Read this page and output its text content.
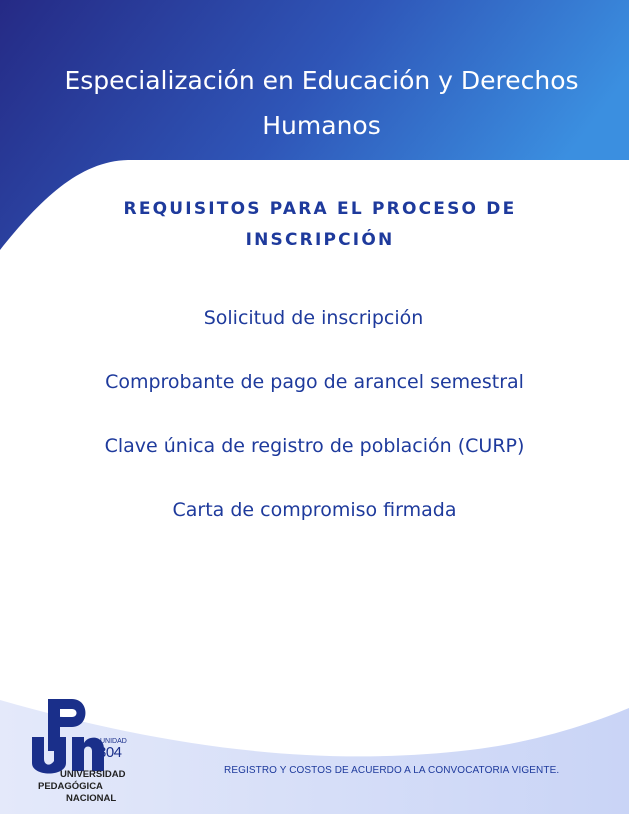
Especialización en Educación y Derechos
Humanos
REQUISITOS PARA EL PROCESO DE
INSCRIPCIÓN
Solicitud de inscripción
Comprobante de pago de arancel semestral
Clave única de registro de población (CURP)
Carta de compromiso firmada
UNIDAD
304
UNIVERSIDAD
PEDAGÓGICA
NACIONAL
REGISTRO Y COSTOS DE ACUERDO A LA CONVOCATORIA VIGENTE.
